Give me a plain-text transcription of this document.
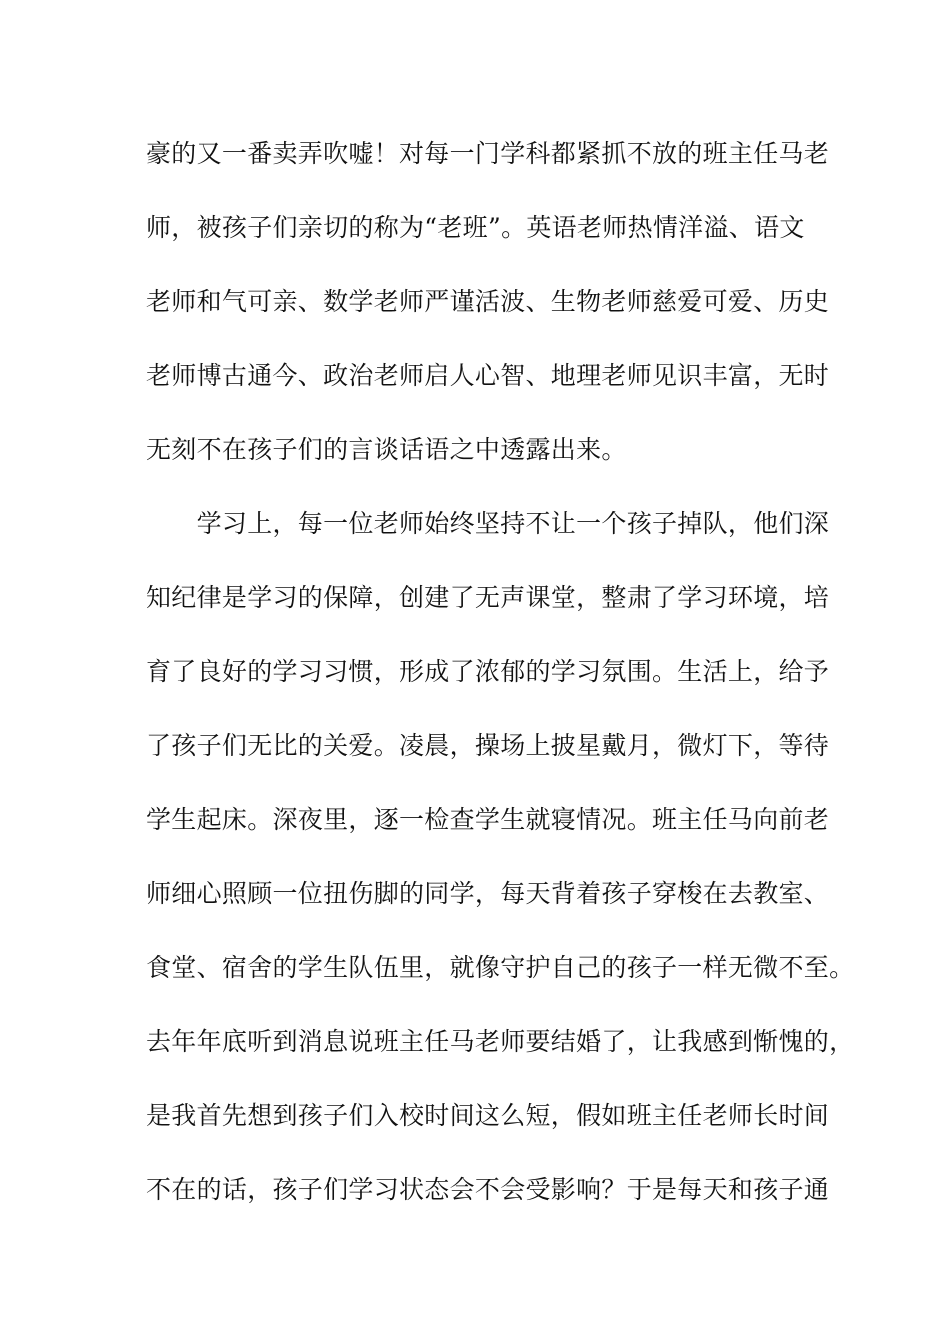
豪的又一番卖弄吹嘘！对每一门学科都紧抓不放的班主任马老
师，被孩子们亲切的称为“老班”。英语老师热情洋溢、语文
老师和气可亲、数学老师严谨活波、生物老师慈爱可爱、历史
老师博古通今、政治老师启人心智、地理老师见识丰富，无时
无刻不在孩子们的言谈话语之中透露出来。
　　学习上，每一位老师始终坚持不让一个孩子掉队，他们深
知纪律是学习的保障，创建了无声课堂，整肃了学习环境，培
育了良好的学习习惯，形成了浓郁的学习氛围。生活上，给予
了孩子们无比的关爱。凌晨，操场上披星戴月，微灯下，等待
学生起床。深夜里，逐一检查学生就寝情况。班主任马向前老
师细心照顾一位扭伤脚的同学，每天背着孩子穿梭在去教室、
食堂、宿舍的学生队伍里，就像守护自己的孩子一样无微不至。
去年年底听到消息说班主任马老师要结婚了，让我感到惭愧的，
是我首先想到孩子们入校时间这么短，假如班主任老师长时间
不在的话，孩子们学习状态会不会受影响？于是每天和孩子通
